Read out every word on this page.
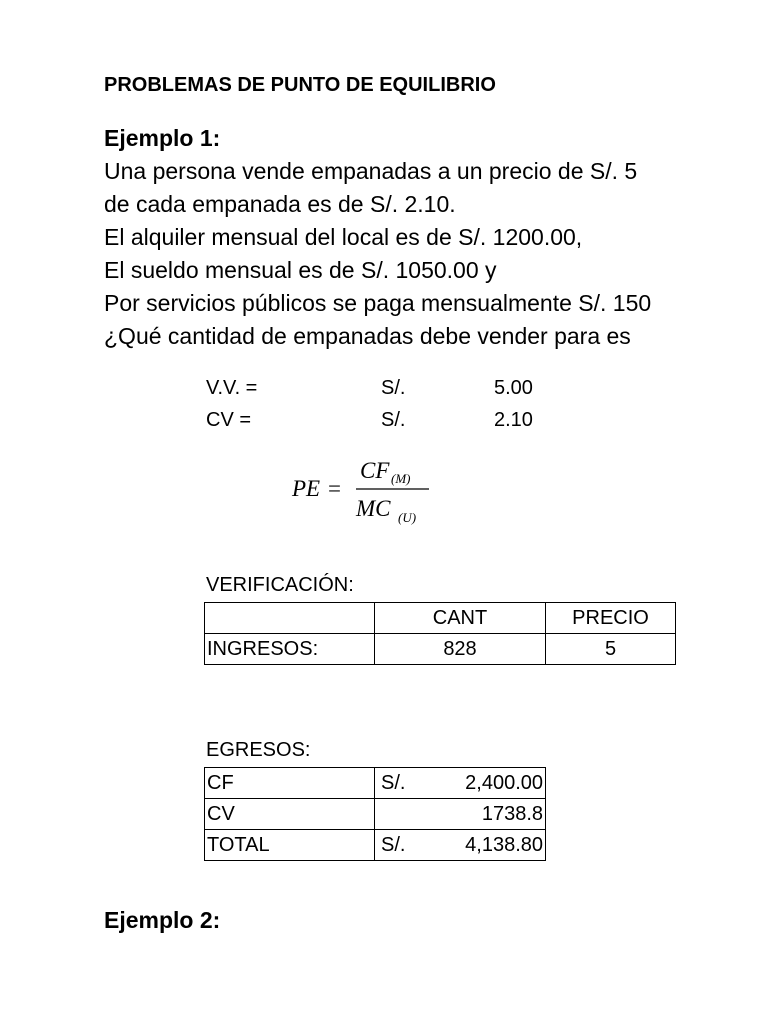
PROBLEMAS DE PUNTO DE EQUILIBRIO
Ejemplo 1:
Una persona vende empanadas a un precio de S/. 5
de cada empanada es de S/. 2.10.
El alquiler mensual del local es de S/. 1200.00,
El sueldo mensual es de S/. 1050.00 y
Por servicios públicos se paga mensualmente S/. 150
¿Qué cantidad de empanadas debe vender para es
V.V. =	S/.	5.00
CV =	S/.	2.10
PE =
CF (M)
MC (U)
VERIFICACIÓN:
	CANT	PRECIO
INGRESOS:	828	5
EGRESOS:
CF	S/. 2,400.00

CV	1738.8

TOTAL	S/. 4,138.80
Ejemplo 2:
